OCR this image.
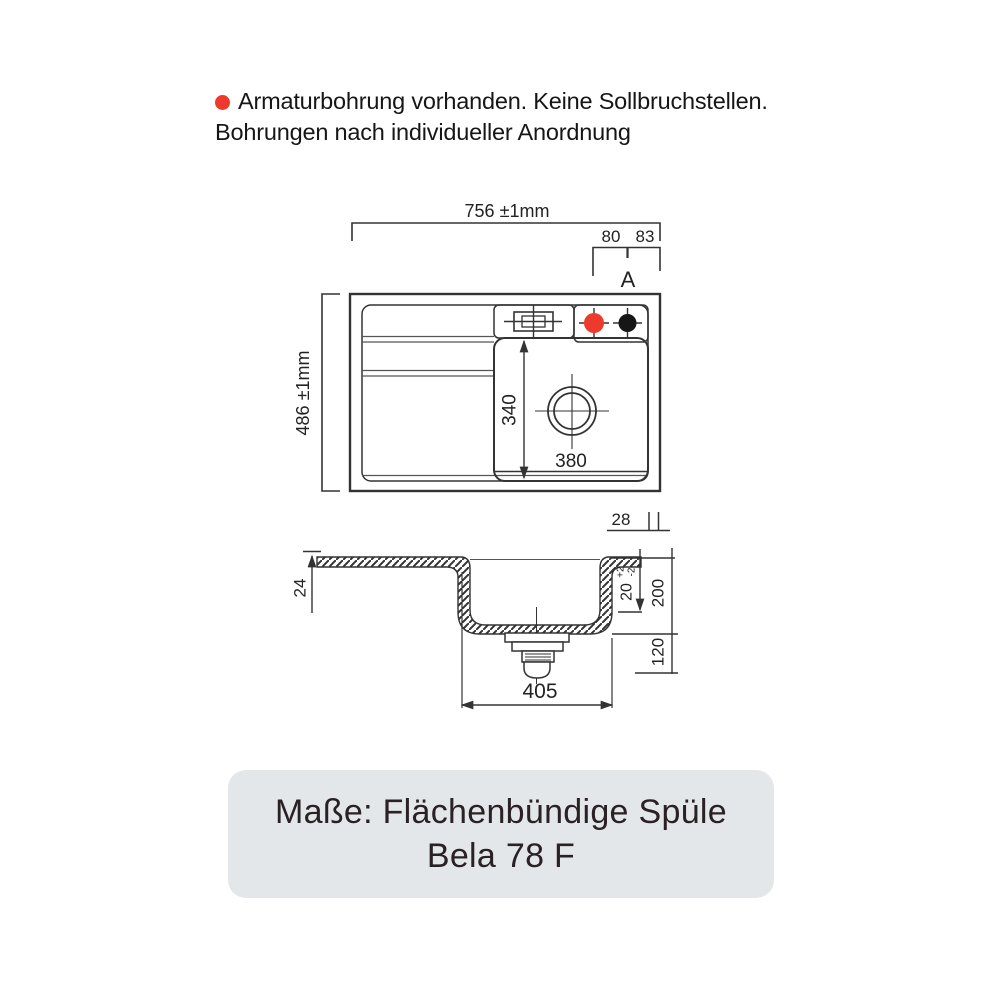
Armaturbohrung vorhanden. Keine Sollbruchstellen.
Bohrungen nach individueller Anordnung
756 ±1mm
80 83
A
486 ±1mm	340
380
28
24	20
+2 -2
200
120
405
Maße: Flächenbündige Spüle
Bela 78 F
